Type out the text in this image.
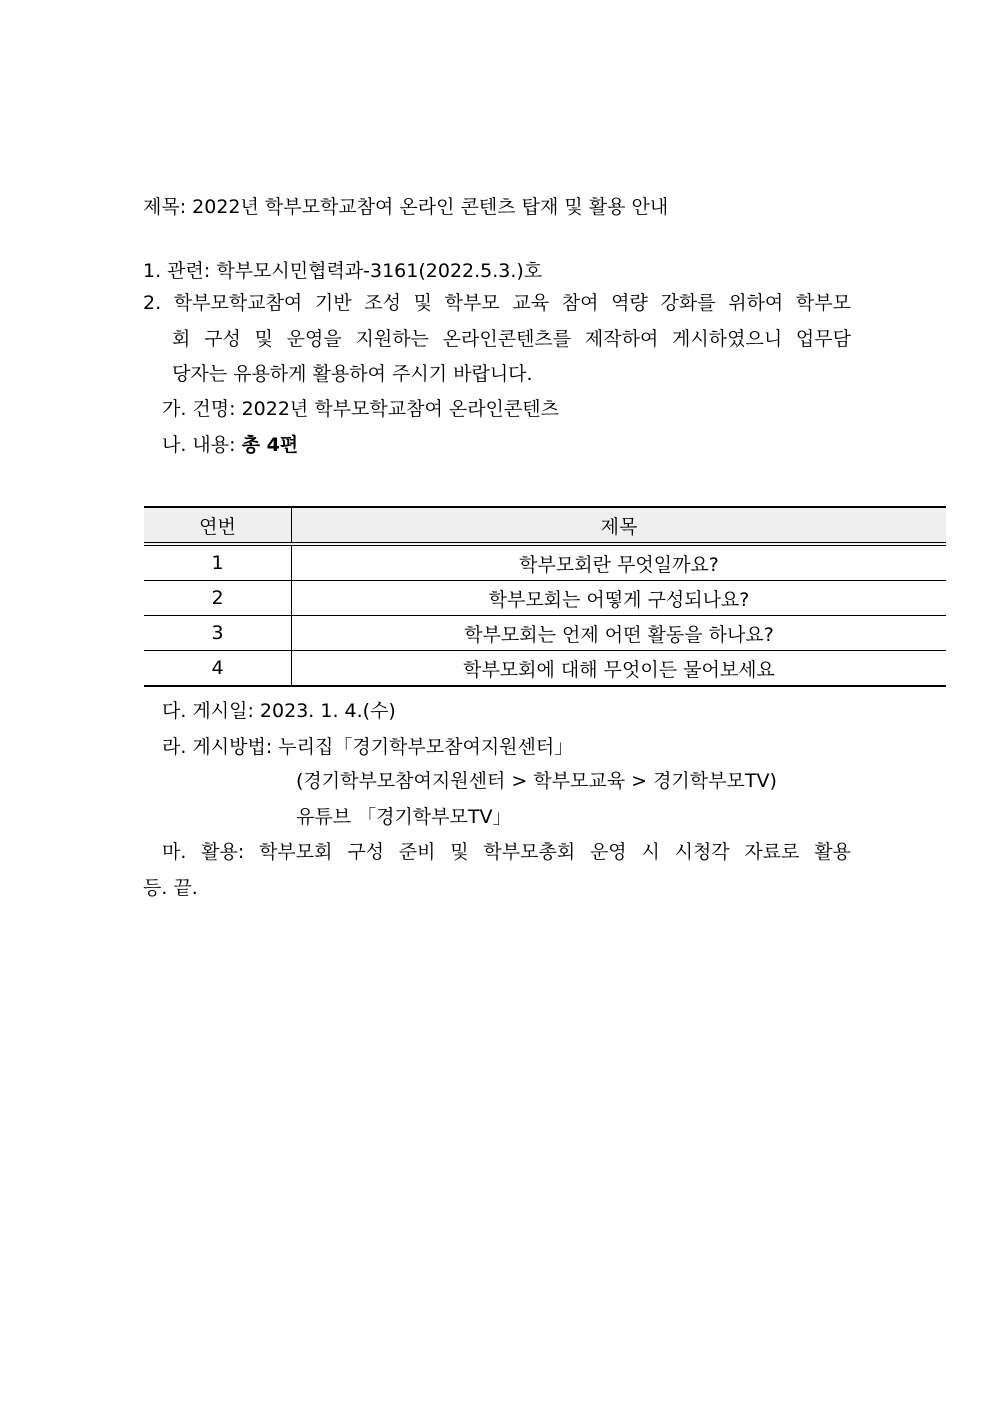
제목: 2022년 학부모학교참여 온라인 콘텐츠 탑재 및 활용 안내
1. 관련: 학부모시민협력과-3161(2022.5.3.)호
2. 학부모학교참여 기반 조성 및 학부모 교육 참여 역량 강화를 위하여 학부모
회 구성 및 운영을 지원하는 온라인콘텐츠를 제작하여 게시하였으니 업무담
당자는 유용하게 활용하여 주시기 바랍니다.
가. 건명: 2022년 학부모학교참여 온라인콘텐츠
나. 내용: 총 4편
연번	제목
1	학부모회란 무엇일까요?
2	학부모회는 어떻게 구성되나요?
3	학부모회는 언제 어떤 활동을 하나요?
4	학부모회에 대해 무엇이든 물어보세요
다. 게시일: 2023. 1. 4.(수)
라. 게시방법: 누리집「경기학부모참여지원센터」
(경기학부모참여지원센터 > 학부모교육 > 경기학부모TV)
유튜브 「경기학부모TV」
마. 활용: 학부모회 구성 준비 및 학부모총회 운영 시 시청각 자료로 활용
등. 끝.
